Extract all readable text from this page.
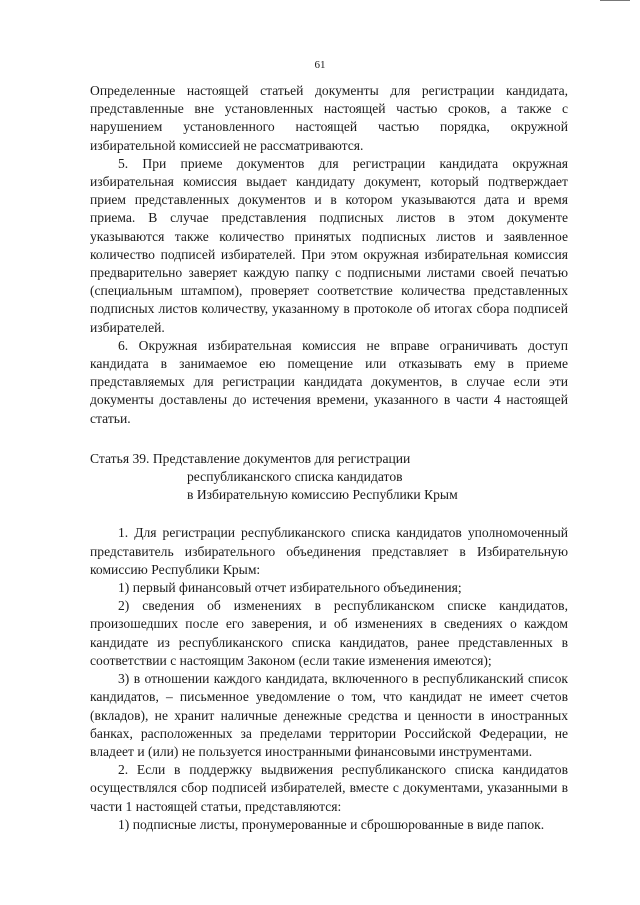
61

Определенные настоящей статьей документы для регистрации кандидата, представленные вне установленных настоящей частью сроков, а также с нарушением установленного настоящей частью порядка, окружной избирательной комиссией не рассматриваются.

5. При приеме документов для регистрации кандидата окружная избирательная комиссия выдает кандидату документ, который подтверждает прием представленных документов и в котором указываются дата и время приема. В случае представления подписных листов в этом документе указываются также количество принятых подписных листов и заявленное количество подписей избирателей. При этом окружная избирательная комиссия предварительно заверяет каждую папку с подписными листами своей печатью (специальным штампом), проверяет соответствие количества представленных подписных листов количеству, указанному в протоколе об итогах сбора подписей избирателей.

6. Окружная избирательная комиссия не вправе ограничивать доступ кандидата в занимаемое ею помещение или отказывать ему в приеме представляемых для регистрации кандидата документов, в случае если эти документы доставлены до истечения времени, указанного в части 4 настоящей статьи.

Статья 39. Представление документов для регистрации
республиканского списка кандидатов
в Избирательную комиссию Республики Крым

1. Для регистрации республиканского списка кандидатов уполномоченный представитель избирательного объединения представляет в Избирательную комиссию Республики Крым:

1) первый финансовый отчет избирательного объединения;

2) сведения об изменениях в республиканском списке кандидатов, произошедших после его заверения, и об изменениях в сведениях о каждом кандидате из республиканского списка кандидатов, ранее представленных в соответствии с настоящим Законом (если такие изменения имеются);

3) в отношении каждого кандидата, включенного в республиканский список кандидатов, – письменное уведомление о том, что кандидат не имеет счетов (вкладов), не хранит наличные денежные средства и ценности в иностранных банках, расположенных за пределами территории Российской Федерации, не владеет и (или) не пользуется иностранными финансовыми инструментами.

2. Если в поддержку выдвижения республиканского списка кандидатов осуществлялся сбор подписей избирателей, вместе с документами, указанными в части 1 настоящей статьи, представляются:

1) подписные листы, пронумерованные и сброшюрованные в виде папок.
